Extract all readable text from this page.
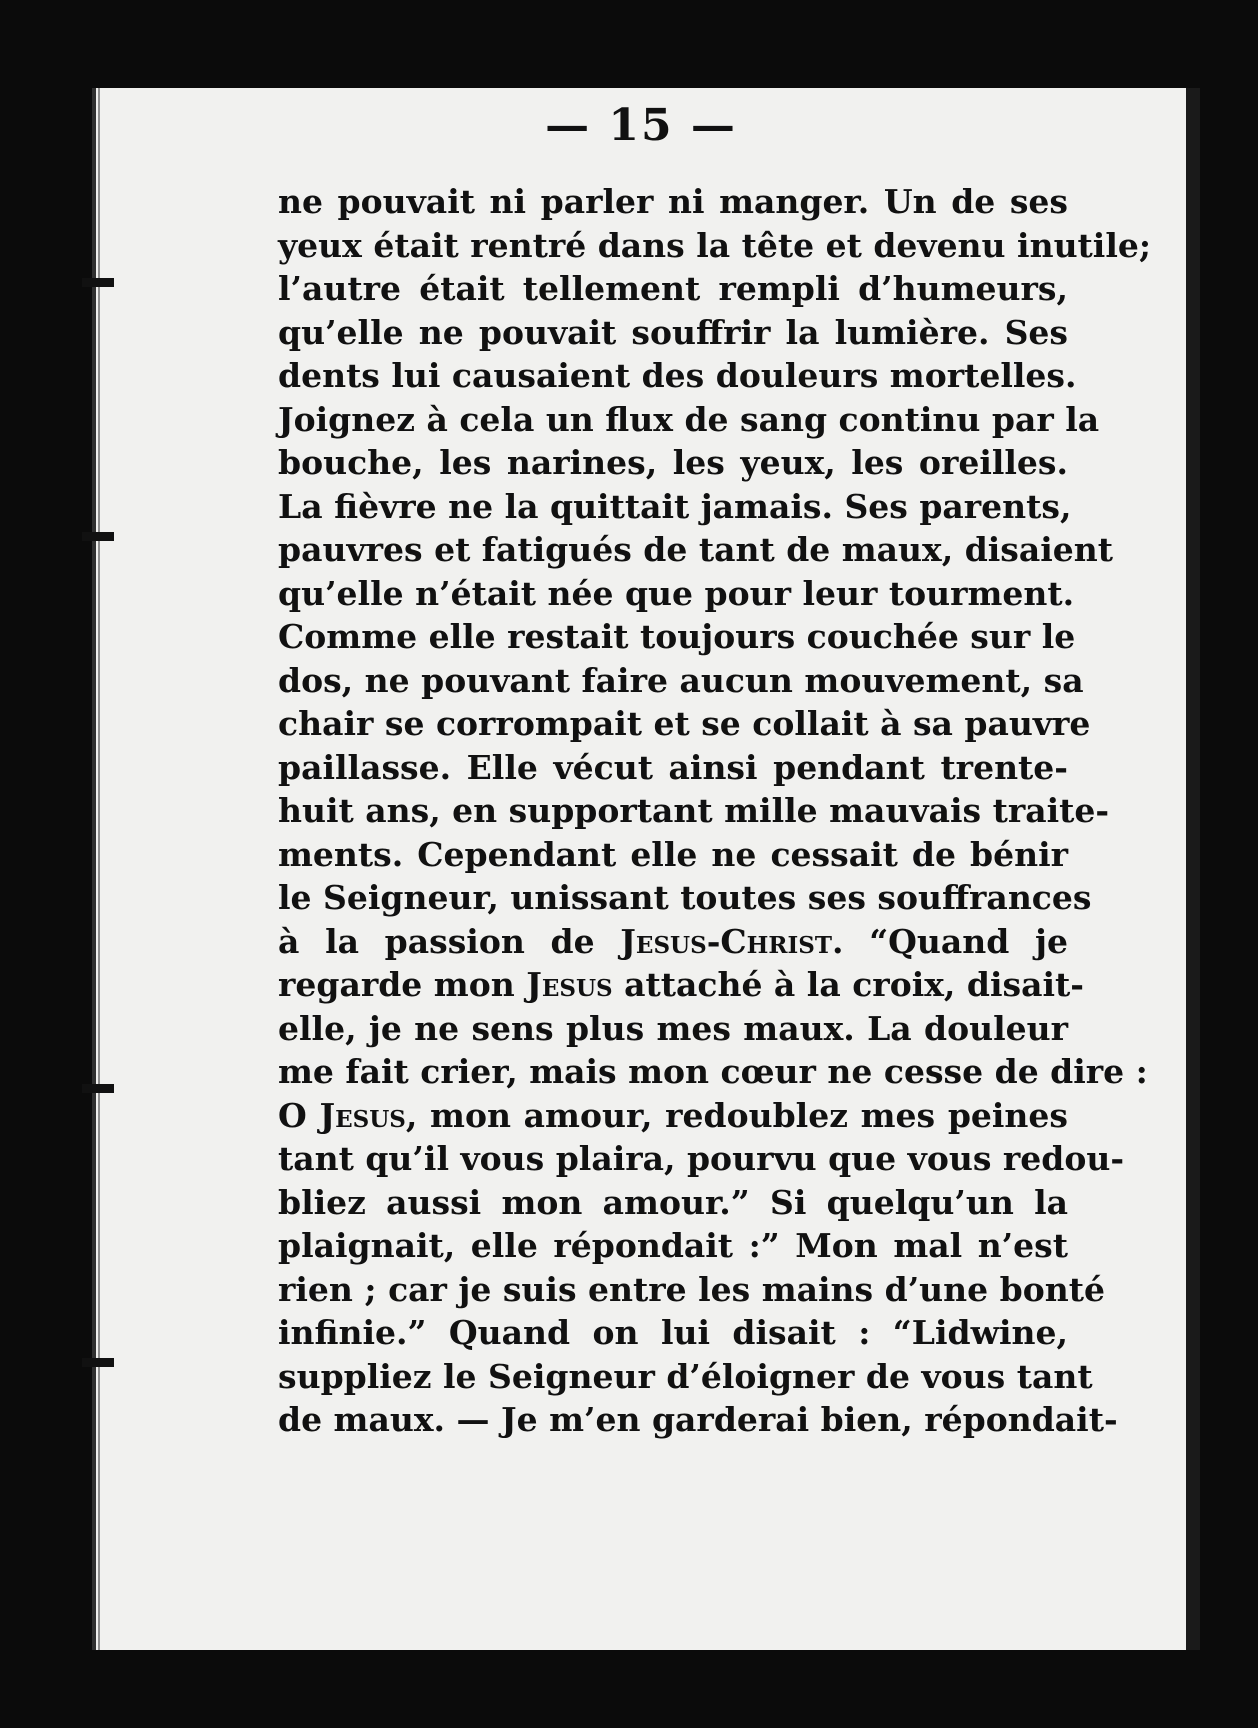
— 15 —

ne pouvait ni parler ni manger. Un de ses
yeux était rentré dans la tête et devenu inutile;
l’autre était tellement rempli d’humeurs,
qu’elle ne pouvait souffrir la lumière. Ses
dents lui causaient des douleurs mortelles.
Joignez à cela un flux de sang continu par la
bouche, les narines, les yeux, les oreilles.
La fièvre ne la quittait jamais. Ses parents,
pauvres et fatigués de tant de maux, disaient
qu’elle n’était née que pour leur tourment.
Comme elle restait toujours couchée sur le
dos, ne pouvant faire aucun mouvement, sa
chair se corrompait et se collait à sa pauvre
paillasse. Elle vécut ainsi pendant trente-
huit ans, en supportant mille mauvais traite-
ments. Cependant elle ne cessait de bénir
le Seigneur, unissant toutes ses souffrances
à la passion de Jesus-Christ. “Quand je
regarde mon Jesus attaché à la croix, disait-
elle, je ne sens plus mes maux. La douleur
me fait crier, mais mon cœur ne cesse de dire :
O Jesus, mon amour, redoublez mes peines
tant qu’il vous plaira, pourvu que vous redou-
bliez aussi mon amour.” Si quelqu’un la
plaignait, elle répondait :” Mon mal n’est
rien ; car je suis entre les mains d’une bonté
infinie.” Quand on lui disait : “Lidwine,
suppliez le Seigneur d’éloigner de vous tant
de maux. — Je m’en garderai bien, répondait-
